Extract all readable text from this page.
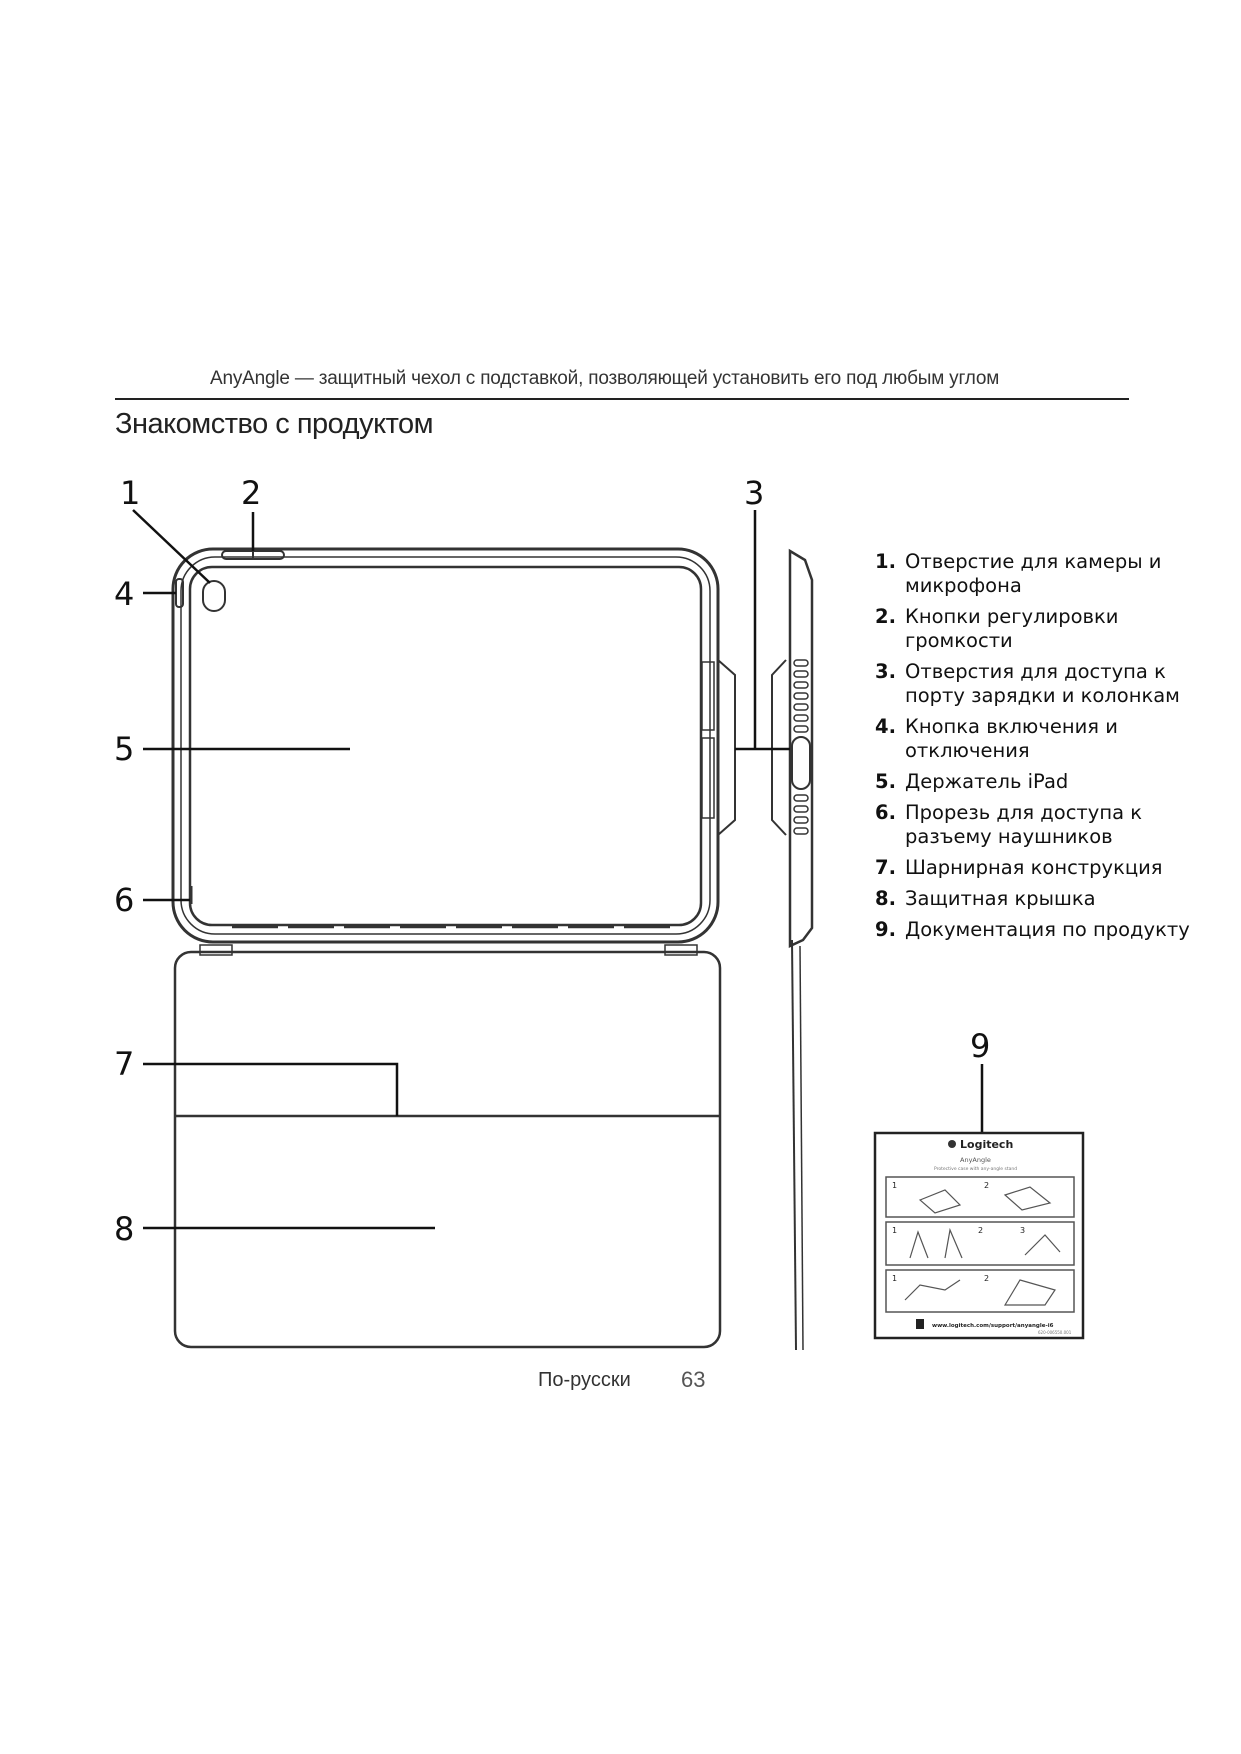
AnyAngle — защитный чехол с подставкой, позволяющей установить его под любым углом
Знакомство с продуктом
1	2	3
4
5
6
7
8
9
Logitech
AnyAngle
Protective case with any-angle stand
1	2
1	2	3
1	2
www.logitech.com/support/anyangle-i6
620-006550.001
1. Отверстие для камеры и микрофона
2. Кнопки регулировки громкости
3. Отверстия для доступа к порту зарядки и колонкам
4. Кнопка включения и отключения
5. Держатель iPad
6. Прорезь для доступа к разъему наушников
7. Шарнирная конструкция
8. Защитная крышка
9. Документация по продукту
По-русски 63
